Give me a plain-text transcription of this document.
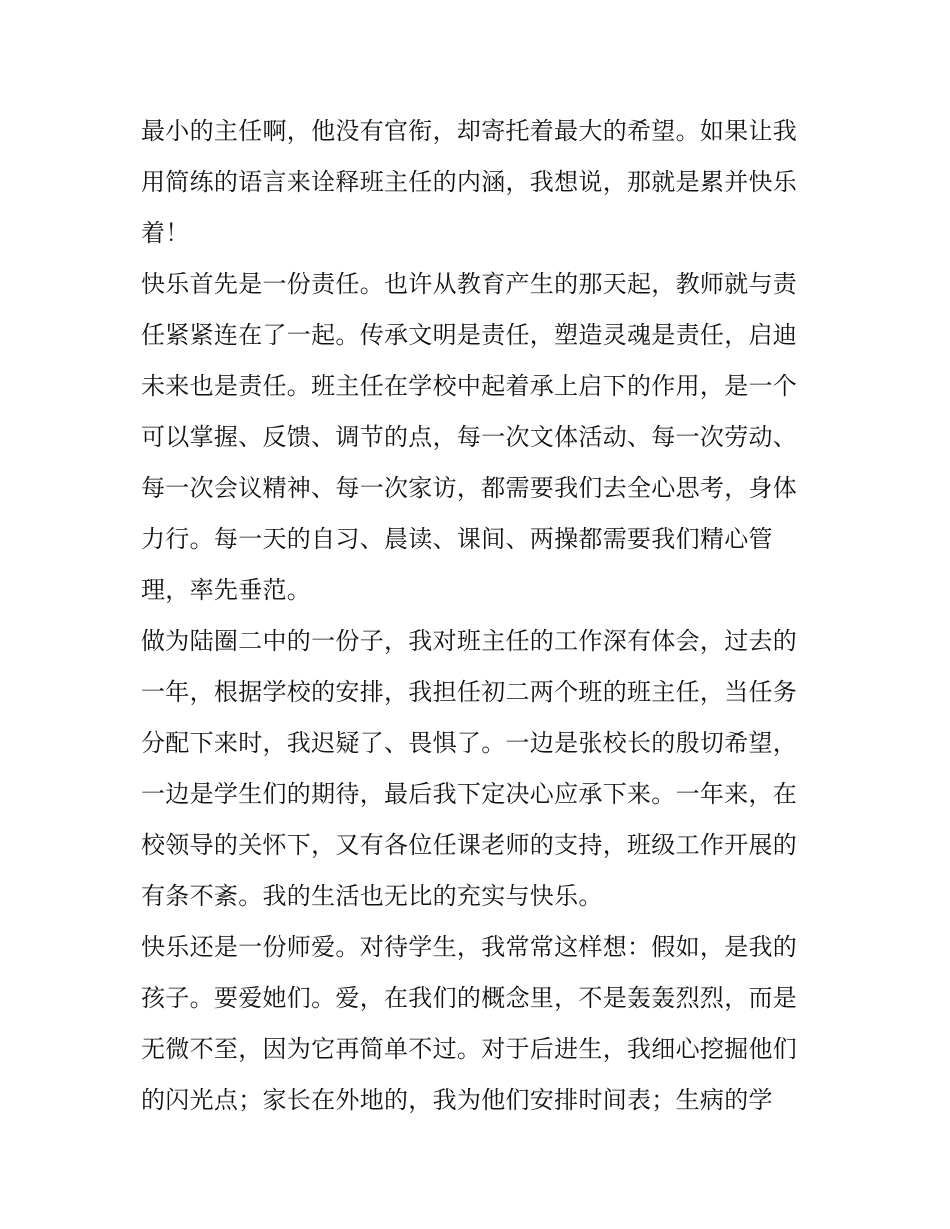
最小的主任啊，他没有官衔，却寄托着最大的希望。如果让我
用简练的语言来诠释班主任的内涵，我想说，那就是累并快乐
着！
快乐首先是一份责任。也许从教育产生的那天起，教师就与责
任紧紧连在了一起。传承文明是责任，塑造灵魂是责任，启迪
未来也是责任。班主任在学校中起着承上启下的作用，是一个
可以掌握、反馈、调节的点，每一次文体活动、每一次劳动、
每一次会议精神、每一次家访，都需要我们去全心思考，身体
力行。每一天的自习、晨读、课间、两操都需要我们精心管
理，率先垂范。
做为陆圈二中的一份子，我对班主任的工作深有体会，过去的
一年，根据学校的安排，我担任初二两个班的班主任，当任务
分配下来时，我迟疑了、畏惧了。一边是张校长的殷切希望，
一边是学生们的期待，最后我下定决心应承下来。一年来，在
校领导的关怀下，又有各位任课老师的支持，班级工作开展的
有条不紊。我的生活也无比的充实与快乐。
快乐还是一份师爱。对待学生，我常常这样想：假如，是我的
孩子。要爱她们。爱，在我们的概念里，不是轰轰烈烈，而是
无微不至，因为它再简单不过。对于后进生，我细心挖掘他们
的闪光点；家长在外地的，我为他们安排时间表；生病的学
